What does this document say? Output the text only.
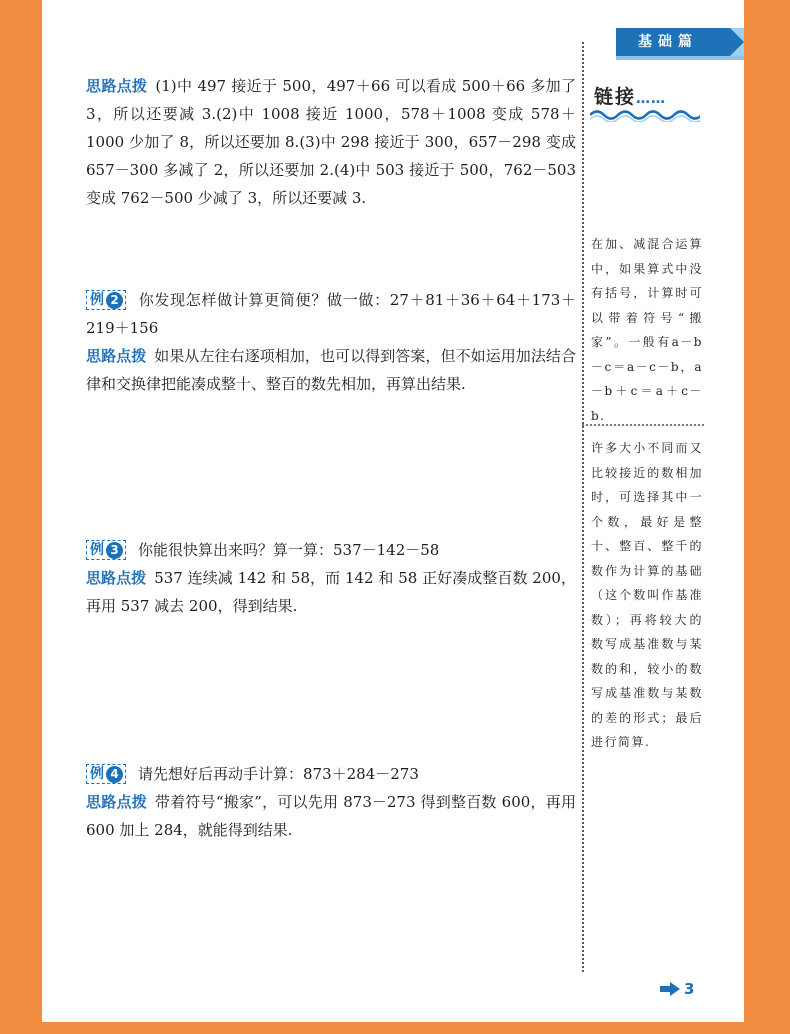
基础篇

思路点拨 (1)中 497 接近于 500，497＋66 可以看成 500＋66 多加了 3，所以还要减 3.(2)中 1008 接近 1000，578＋1008 变成 578＋1000 少加了 8，所以还要加 8.(3)中 298 接近于 300，657－298 变成 657－300 多减了 2，所以还要加 2.(4)中 503 接近于 500，762－503 变成 762－500 少减了 3，所以还要减 3.

例 2 你发现怎样做计算更简便？做一做：27＋81＋36＋64＋173＋219＋156

思路点拨 如果从左往右逐项相加，也可以得到答案，但不如运用加法结合律和交换律把能凑成整十、整百的数先相加，再算出结果.

例 3 你能很快算出来吗？算一算：537－142－58

思路点拨 537 连续减 142 和 58，而 142 和 58 正好凑成整百数 200，再用 537 减去 200，得到结果.

例 4 请先想好后再动手计算：873＋284－273

思路点拨 带着符号“搬家”，可以先用 873－273 得到整百数 600，再用 600 加上 284，就能得到结果.

链接……
在加、减混合运算中，如果算式中没有括号，计算时可以带着符号“搬家”。一般有a－b－c＝a－c－b，a－b＋c＝a＋c－b.
许多大小不同而又比较接近的数相加时，可选择其中一个数，最好是整十、整百、整千的数作为计算的基础（这个数叫作基准数）；再将较大的数写成基准数与某数的和，较小的数写成基准数与某数的差的形式；最后进行简算.
3
